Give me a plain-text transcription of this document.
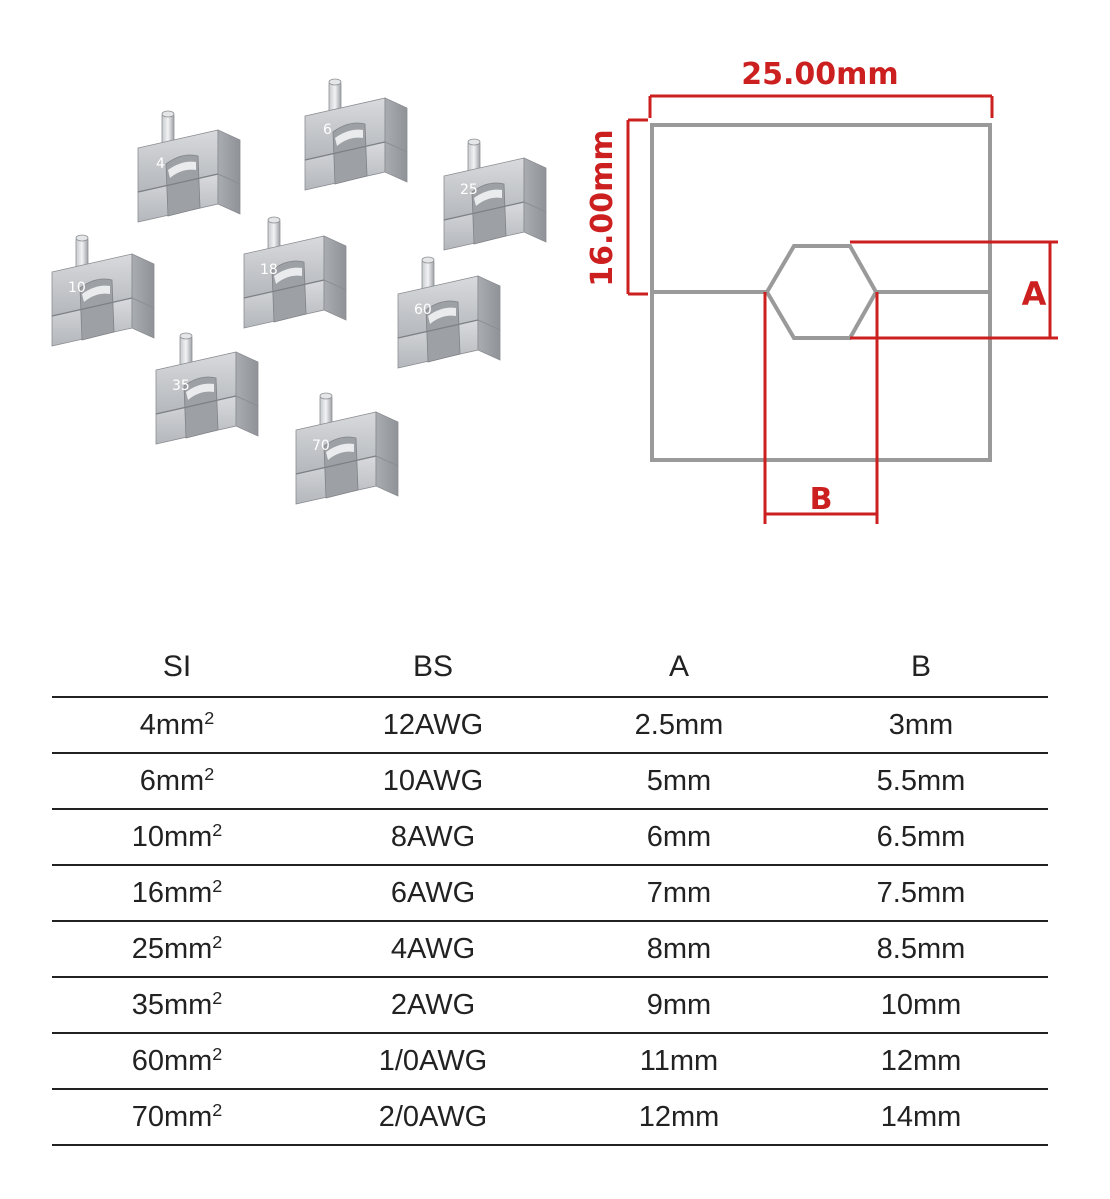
4
6
25
10
18
60
35
70
25.00mm
16.00mm
A
B
SI	BS	A	B
$4mm^2$	12AWG	2.5mm	3mm
$6mm^2$	10AWG	5mm	5.5mm
$10mm^2$	8AWG	6mm	6.5mm
$16mm^2$	6AWG	7mm	7.5mm
$25mm^2$	4AWG	8mm	8.5mm
$35mm^2$	2AWG	9mm	10mm
$60mm^2$	1/0AWG	11mm	12mm
$70mm^2$	2/0AWG	12mm	14mm
